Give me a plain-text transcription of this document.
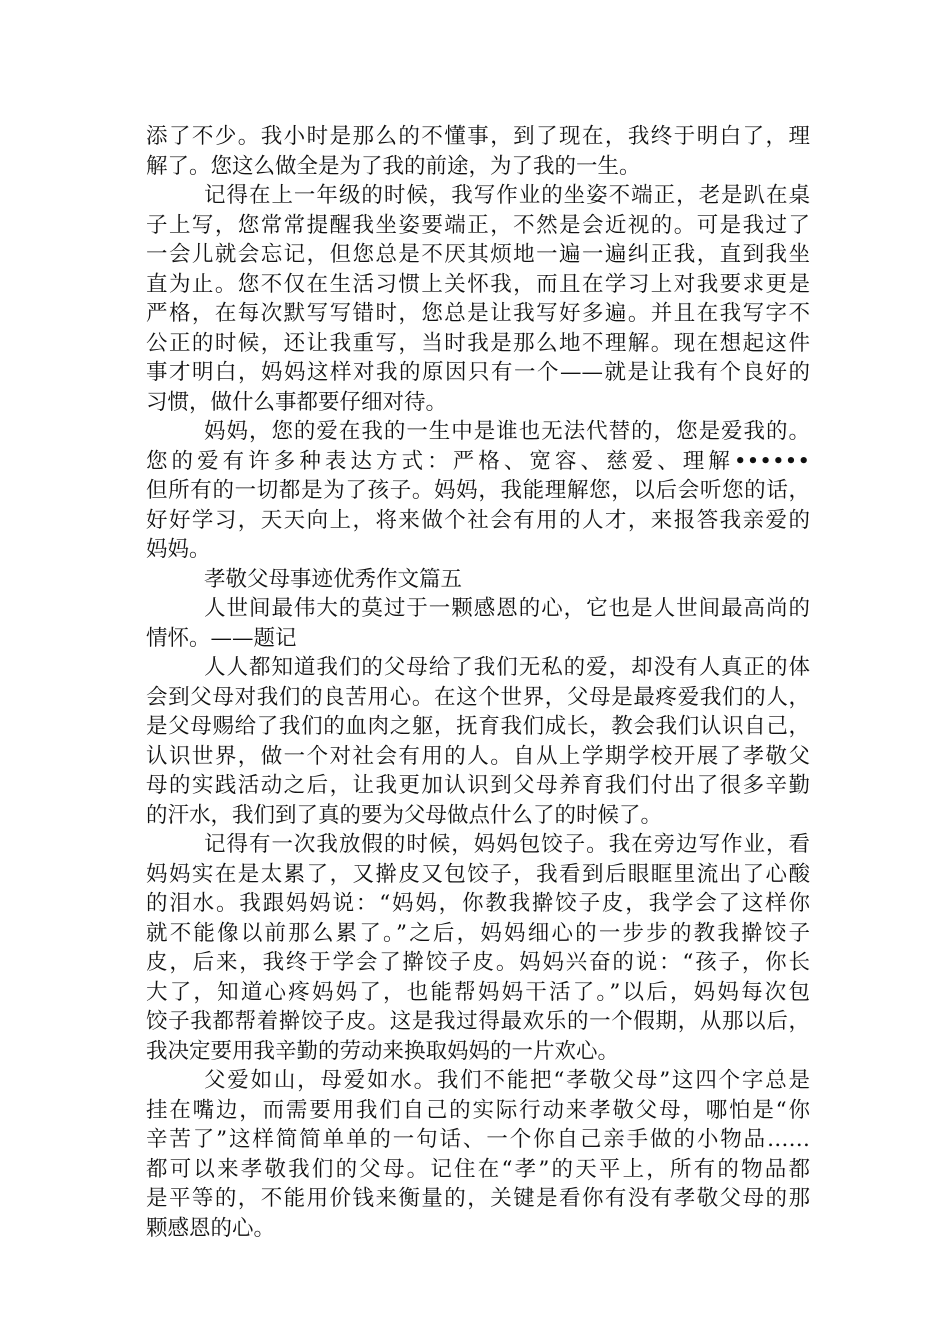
添了不少。我小时是那么的不懂事，到了现在，我终于明白了，理
解了。您这么做全是为了我的前途，为了我的一生。
记得在上一年级的时候，我写作业的坐姿不端正，老是趴在桌
子上写，您常常提醒我坐姿要端正，不然是会近视的。可是我过了
一会儿就会忘记，但您总是不厌其烦地一遍一遍纠正我，直到我坐
直为止。您不仅在生活习惯上关怀我，而且在学习上对我要求更是
严格，在每次默写写错时，您总是让我写好多遍。并且在我写字不
公正的时候，还让我重写，当时我是那么地不理解。现在想起这件
事才明白，妈妈这样对我的原因只有一个——就是让我有个良好的
习惯，做什么事都要仔细对待。
妈妈，您的爱在我的一生中是谁也无法代替的，您是爱我的。
您的爱有许多种表达方式：严格、宽容、慈爱、理解••••••
但所有的一切都是为了孩子。妈妈，我能理解您，以后会听您的话，
好好学习，天天向上，将来做个社会有用的人才，来报答我亲爱的
妈妈。
孝敬父母事迹优秀作文篇五
人世间最伟大的莫过于一颗感恩的心，它也是人世间最高尚的
情怀。——题记
人人都知道我们的父母给了我们无私的爱，却没有人真正的体
会到父母对我们的良苦用心。在这个世界，父母是最疼爱我们的人，
是父母赐给了我们的血肉之躯，抚育我们成长，教会我们认识自己，
认识世界，做一个对社会有用的人。自从上学期学校开展了孝敬父
母的实践活动之后，让我更加认识到父母养育我们付出了很多辛勤
的汗水，我们到了真的要为父母做点什么了的时候了。
记得有一次我放假的时候，妈妈包饺子。我在旁边写作业，看
妈妈实在是太累了，又擀皮又包饺子，我看到后眼眶里流出了心酸
的泪水。我跟妈妈说：“妈妈，你教我擀饺子皮，我学会了这样你
就不能像以前那么累了。”之后，妈妈细心的一步步的教我擀饺子
皮，后来，我终于学会了擀饺子皮。妈妈兴奋的说：“孩子，你长
大了，知道心疼妈妈了，也能帮妈妈干活了。”以后，妈妈每次包
饺子我都帮着擀饺子皮。这是我过得最欢乐的一个假期，从那以后，
我决定要用我辛勤的劳动来换取妈妈的一片欢心。
父爱如山，母爱如水。我们不能把“孝敬父母”这四个字总是
挂在嘴边，而需要用我们自己的实际行动来孝敬父母，哪怕是“你
辛苦了”这样简简单单的一句话、一个你自己亲手做的小物品……
都可以来孝敬我们的父母。记住在“孝”的天平上，所有的物品都
是平等的，不能用价钱来衡量的，关键是看你有没有孝敬父母的那
颗感恩的心。
